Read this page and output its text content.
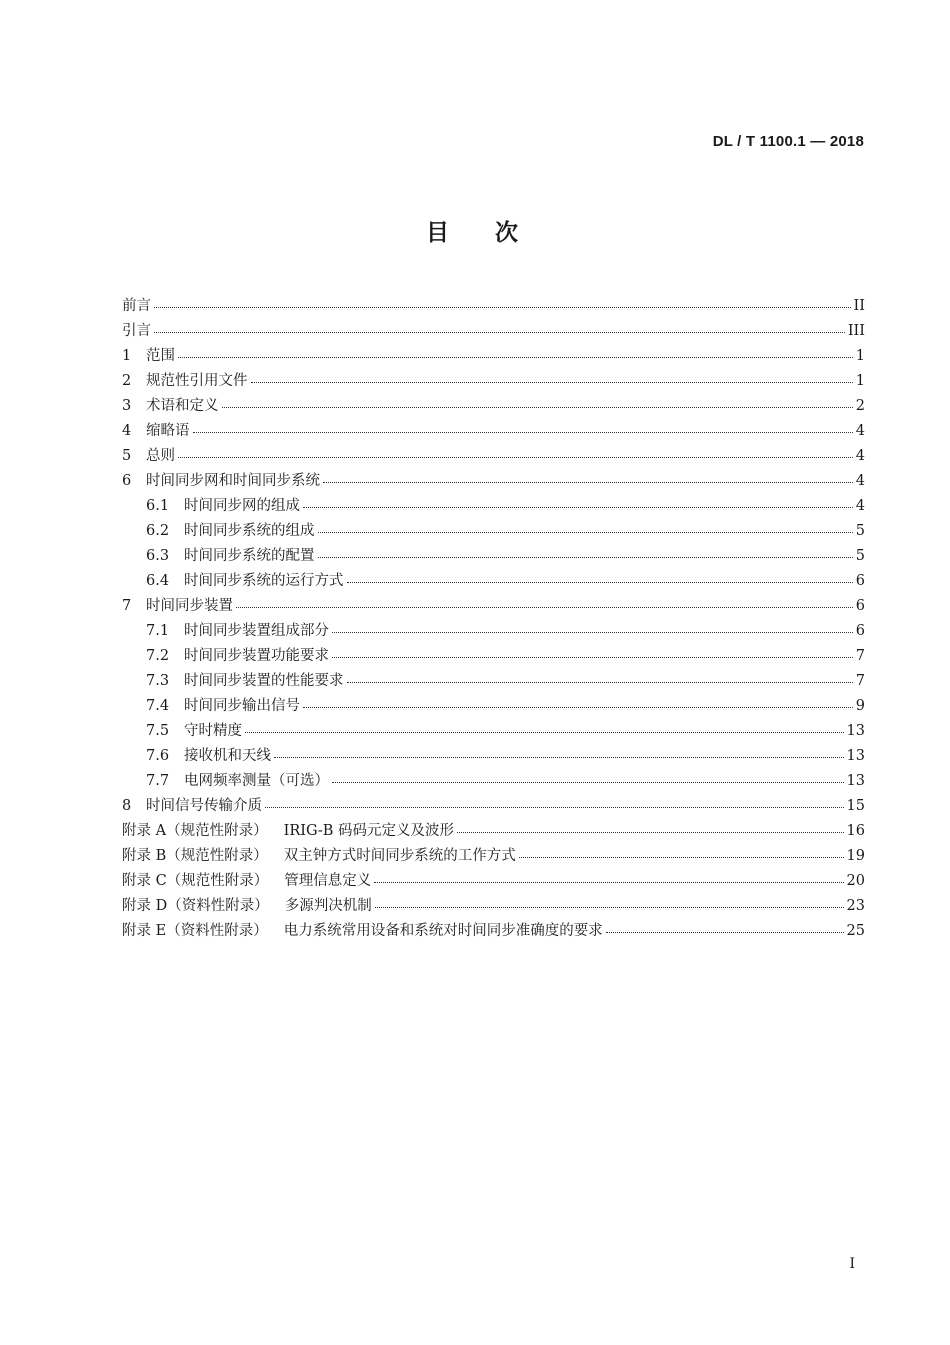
DL / T 1100.1 — 2018
目次
前言	II
引言	III
1	范围	1
2	规范性引用文件	1
3	术语和定义	2
4	缩略语	4
5	总则	4
6	时间同步网和时间同步系统	4
6.1	时间同步网的组成	4
6.2	时间同步系统的组成	5
6.3	时间同步系统的配置	5
6.4	时间同步系统的运行方式	6
7	时间同步装置	6
7.1	时间同步装置组成部分	6
7.2	时间同步装置功能要求	7
7.3	时间同步装置的性能要求	7
7.4	时间同步输出信号	9
7.5	守时精度	13
7.6	接收机和天线	13
7.7	电网频率测量（可选）	13
8	时间信号传输介质	15
附录 A（规范性附录） IRIG-B 码码元定义及波形	16
附录 B（规范性附录） 双主钟方式时间同步系统的工作方式	19
附录 C（规范性附录） 管理信息定义	20
附录 D（资料性附录） 多源判决机制	23
附录 E（资料性附录） 电力系统常用设备和系统对时间同步准确度的要求	25
I
